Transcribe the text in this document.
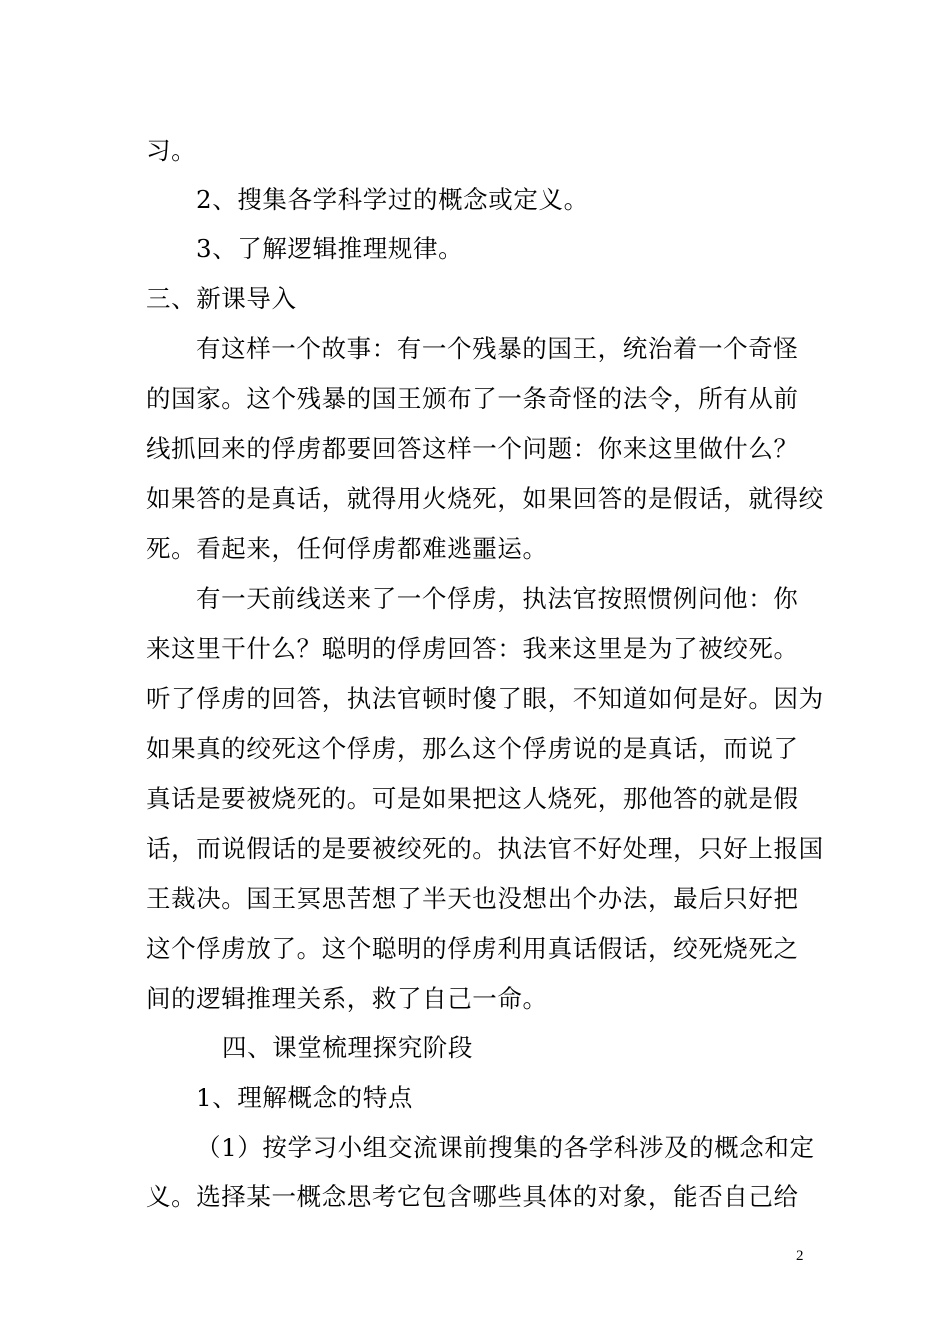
习。
2、搜集各学科学过的概念或定义。
3、了解逻辑推理规律。
三、新课导入
有这样一个故事：有一个残暴的国王，统治着一个奇怪
的国家。这个残暴的国王颁布了一条奇怪的法令，所有从前
线抓回来的俘虏都要回答这样一个问题：你来这里做什么？
如果答的是真话，就得用火烧死，如果回答的是假话，就得绞
死。看起来，任何俘虏都难逃噩运。
有一天前线送来了一个俘虏，执法官按照惯例问他：你
来这里干什么？聪明的俘虏回答：我来这里是为了被绞死。
听了俘虏的回答，执法官顿时傻了眼，不知道如何是好。因为
如果真的绞死这个俘虏，那么这个俘虏说的是真话，而说了
真话是要被烧死的。可是如果把这人烧死，那他答的就是假
话，而说假话的是要被绞死的。执法官不好处理，只好上报国
王裁决。国王冥思苦想了半天也没想出个办法，最后只好把
这个俘虏放了。这个聪明的俘虏利用真话假话，绞死烧死之
间的逻辑推理关系，救了自己一命。
四、课堂梳理探究阶段
1、理解概念的特点
（1）按学习小组交流课前搜集的各学科涉及的概念和定
义。选择某一概念思考它包含哪些具体的对象，能否自己给
2
